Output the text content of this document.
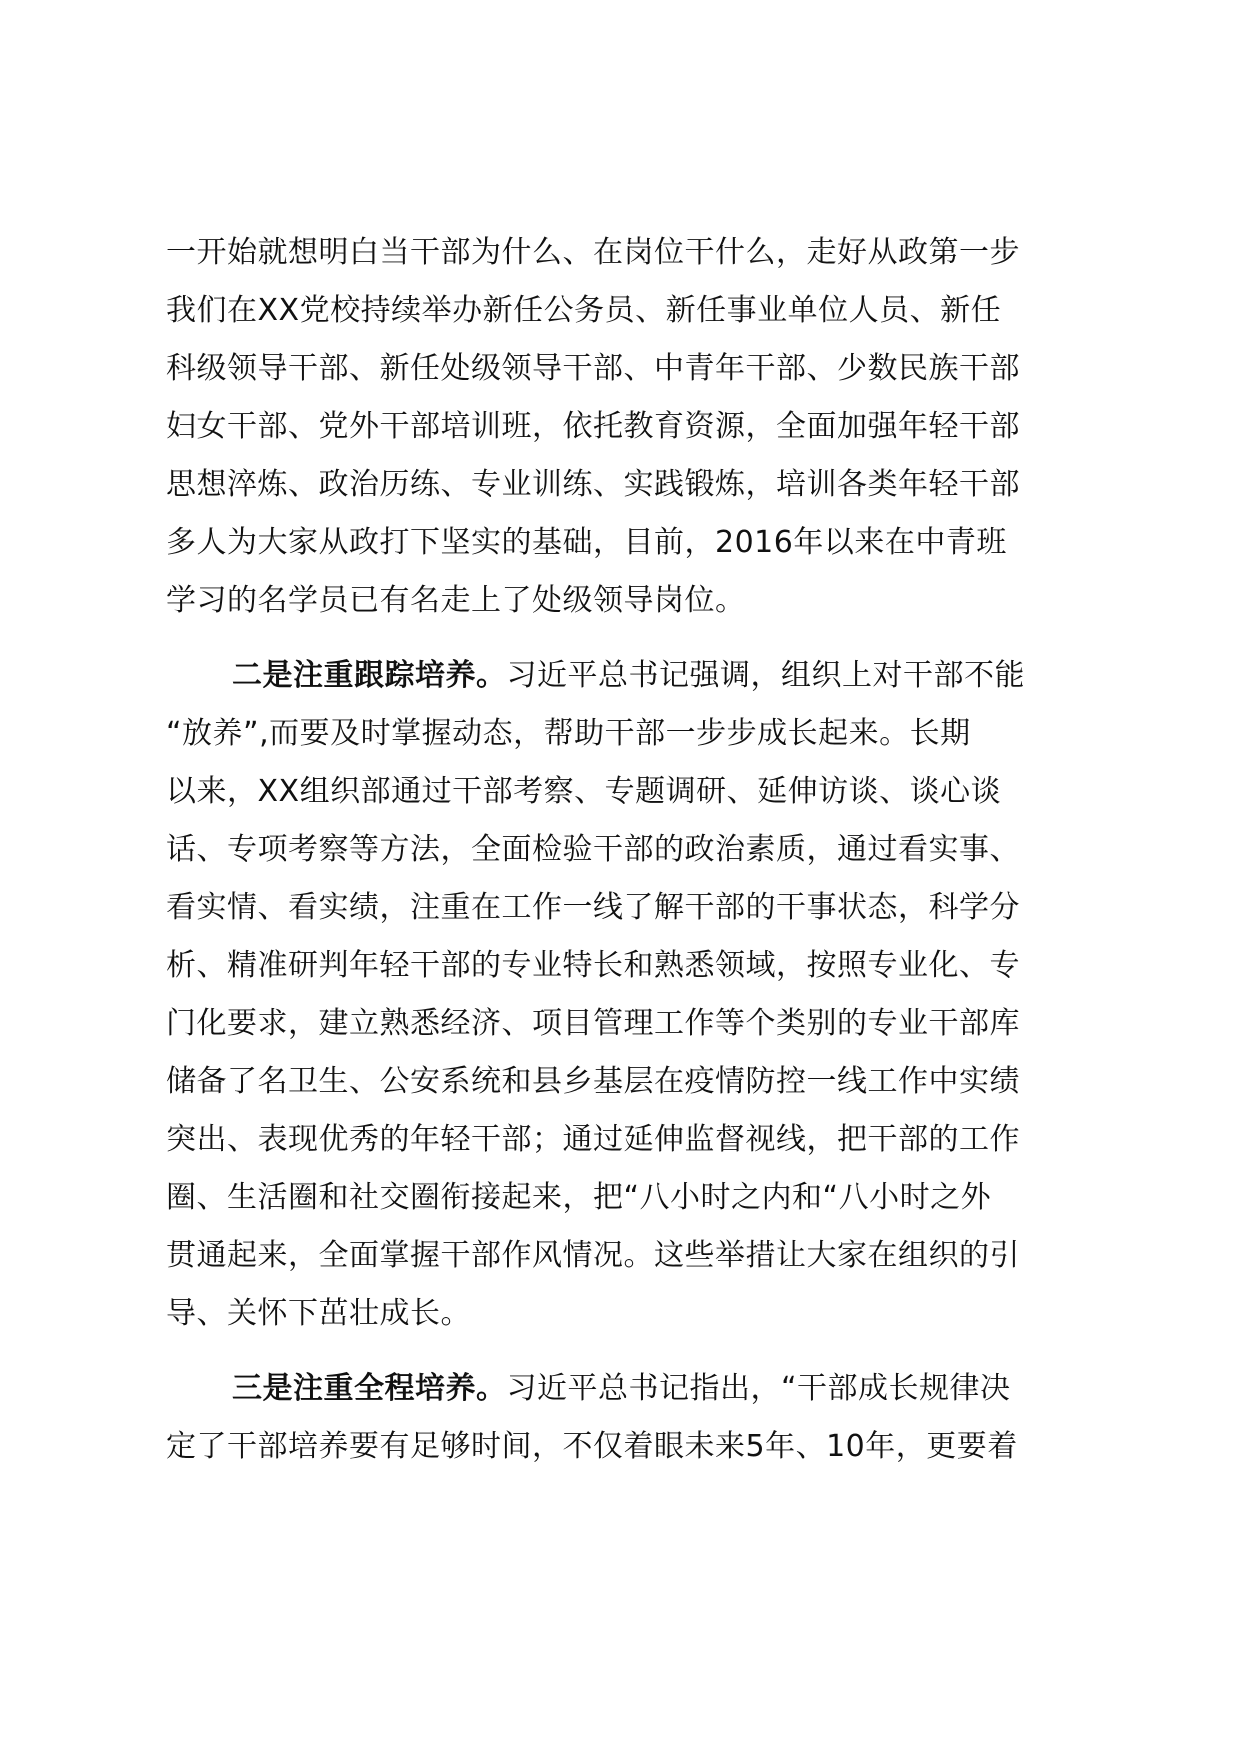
一开始就想明白当干部为什么、在岗位干什么，走好从政第一步
我们在XX党校持续举办新任公务员、新任事业单位人员、新任
科级领导干部、新任处级领导干部、中青年干部、少数民族干部
妇女干部、党外干部培训班，依托教育资源，全面加强年轻干部
思想淬炼、政治历练、专业训练、实践锻炼，培训各类年轻干部
多人为大家从政打下坚实的基础，目前，2016年以来在中青班
学习的名学员已有名走上了处级领导岗位。

二是注重跟踪培养。习近平总书记强调，组织上对干部不能
“放养”,而要及时掌握动态，帮助干部一步步成长起来。长期
以来，XX组织部通过干部考察、专题调研、延伸访谈、谈心谈
话、专项考察等方法，全面检验干部的政治素质，通过看实事、
看实情、看实绩，注重在工作一线了解干部的干事状态，科学分
析、精准研判年轻干部的专业特长和熟悉领域，按照专业化、专
门化要求，建立熟悉经济、项目管理工作等个类别的专业干部库
储备了名卫生、公安系统和县乡基层在疫情防控一线工作中实绩
突出、表现优秀的年轻干部；通过延伸监督视线，把干部的工作
圈、生活圈和社交圈衔接起来，把“八小时之内和“八小时之外
贯通起来，全面掌握干部作风情况。这些举措让大家在组织的引
导、关怀下茁壮成长。

三是注重全程培养。习近平总书记指出，“干部成长规律决
定了干部培养要有足够时间，不仅着眼未来5年、10年，更要着
